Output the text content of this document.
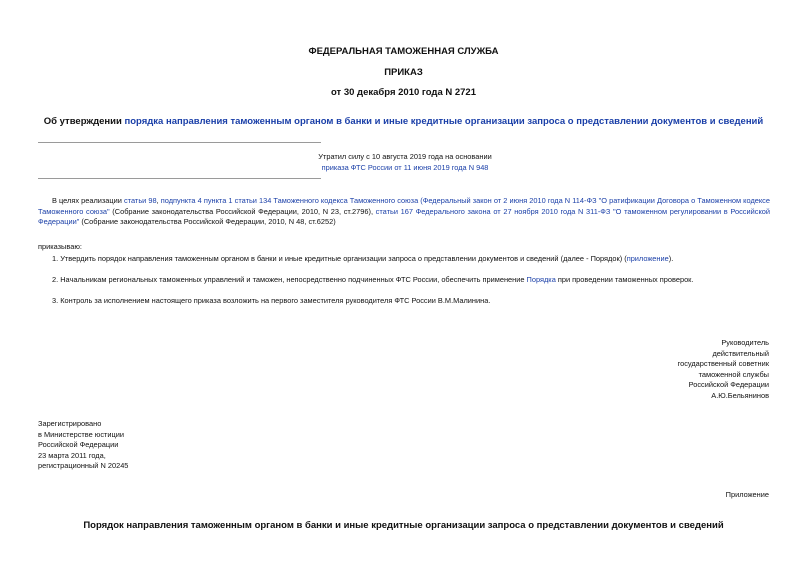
ФЕДЕРАЛЬНАЯ ТАМОЖЕННАЯ СЛУЖБА
ПРИКАЗ
от 30 декабря 2010 года N 2721
Об утверждении порядка направления таможенным органом в банки и иные кредитные организации запроса о представлении документов и сведений
Утратил силу с 10 августа 2019 года на основании
приказа ФТС России от 11 июня 2019 года N 948
В целях реализации статьи 98, подпункта 4 пункта 1 статьи 134 Таможенного кодекса Таможенного союза (Федеральный закон от 2 июня 2010 года N 114-ФЗ "О ратификации Договора о Таможенном кодексе Таможенного союза" (Собрание законодательства Российской Федерации, 2010, N 23, ст.2796), статьи 167 Федерального закона от 27 ноября 2010 года N 311-ФЗ "О таможенном регулировании в Российской Федерации" (Собрание законодательства Российской Федерации, 2010, N 48, ст.6252)
приказываю:
1. Утвердить порядок направления таможенным органом в банки и иные кредитные организации запроса о представлении документов и сведений (далее - Порядок) (приложение).
2. Начальникам региональных таможенных управлений и таможен, непосредственно подчиненных ФТС России, обеспечить применение Порядка при проведении таможенных проверок.
3. Контроль за исполнением настоящего приказа возложить на первого заместителя руководителя ФТС России В.М.Малинина.
Руководитель
действительный
государственный советник
таможенной службы
Российской Федерации
А.Ю.Бельянинов
Зарегистрировано
в Министерстве юстиции
Российской Федерации
23 марта 2011 года,
регистрационный N 20245
Приложение
Порядок направления таможенным органом в банки и иные кредитные организации запроса о представлении документов и сведений
